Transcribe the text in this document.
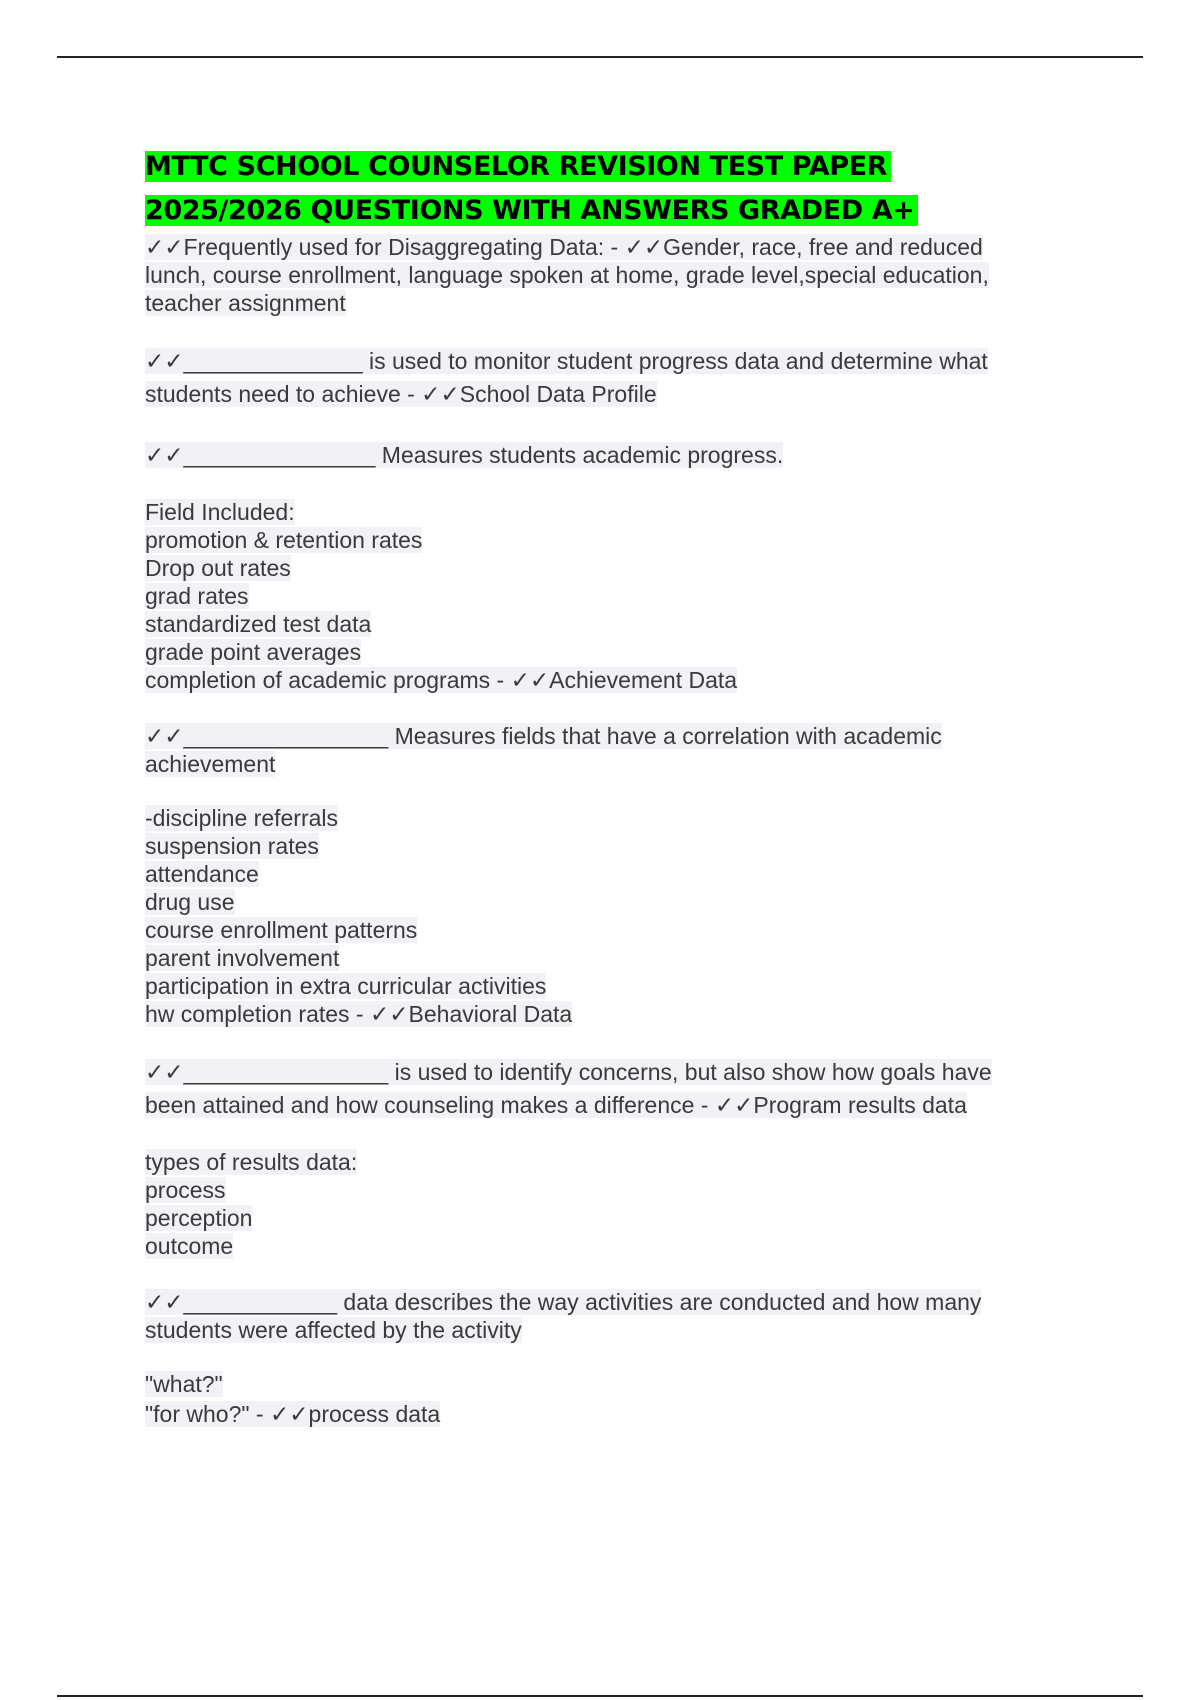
MTTC SCHOOL COUNSELOR REVISION TEST PAPER
2025/2026 QUESTIONS WITH ANSWERS GRADED A+

✓✓Frequently used for Disaggregating Data: - ✓✓Gender, race, free and reduced lunch, course enrollment, language spoken at home, grade level,special education, teacher assignment

✓✓______________ is used to monitor student progress data and determine what
students need to achieve - ✓✓School Data Profile

✓✓_______________ Measures students academic progress.

Field Included:
promotion & retention rates
Drop out rates
grad rates
standardized test data
grade point averages
completion of academic programs - ✓✓Achievement Data

✓✓________________ Measures fields that have a correlation with academic
achievement

-discipline referrals
suspension rates
attendance
drug use
course enrollment patterns
parent involvement
participation in extra curricular activities
hw completion rates - ✓✓Behavioral Data

✓✓________________ is used to identify concerns, but also show how goals have
been attained and how counseling makes a difference - ✓✓Program results data

types of results data:
process
perception
outcome

✓✓____________ data describes the way activities are conducted and how many
students were affected by the activity

"what?"
"for who?" - ✓✓process data
